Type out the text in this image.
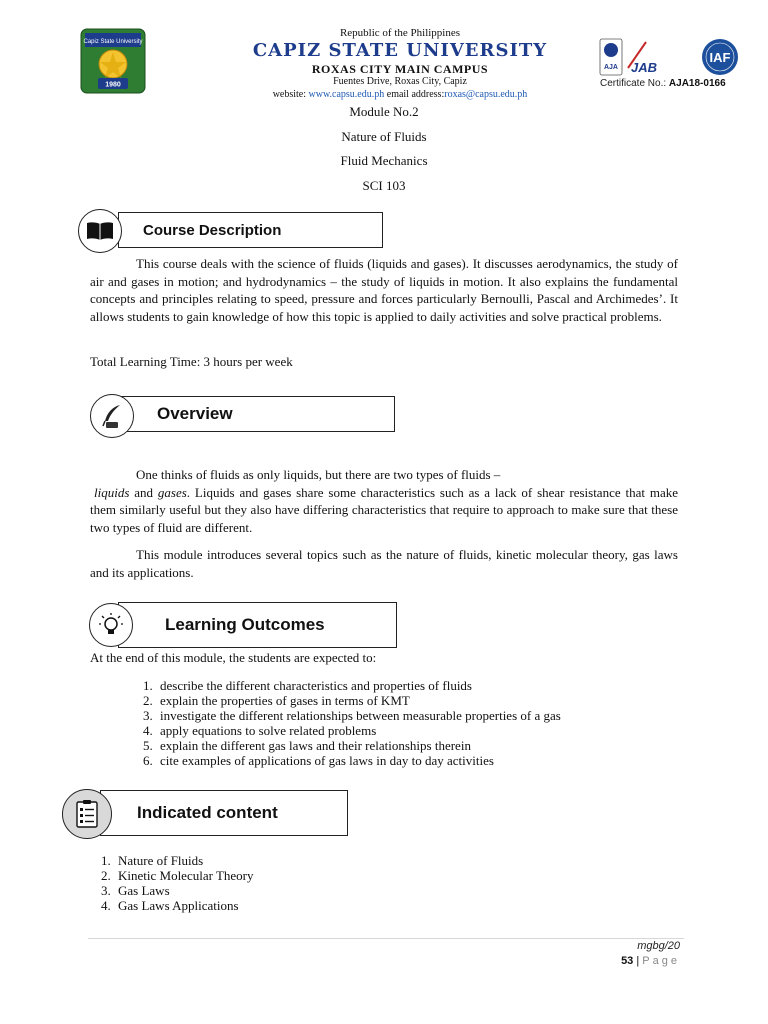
Capiz State University
1980
Republic of the Philippines
CAPIZ STATE UNIVERSITY
ROXAS CITY MAIN CAMPUS
Fuentes Drive, Roxas City, Capiz
website: www.capsu.edu.ph email address:roxas@capsu.edu.ph
AJA JAB
IAF
Certificate No.: AJA18-0166
Module No.2
Nature of Fluids
Fluid Mechanics
SCI 103
Course Description
This course deals with the science of fluids (liquids and gases). It discusses aerodynamics, the study of air and gases in motion; and hydrodynamics – the study of liquids in motion. It also explains the fundamental concepts and principles relating to speed, pressure and forces particularly Bernoulli, Pascal and Archimedes’. It allows students to gain knowledge of how this topic is applied to daily activities and solve practical problems.
Total Learning Time: 3 hours per week
Overview
One thinks of fluids as only liquids, but there are two types of fluids –
liquids and gases. Liquids and gases share some characteristics such as a lack of shear resistance that make them similarly useful but they also have differing characteristics that require to approach to make sure that these two types of fluid are different.
This module introduces several topics such as the nature of fluids, kinetic molecular theory, gas laws and its applications.
Learning Outcomes
At the end of this module, the students are expected to:
1. describe the different characteristics and properties of fluids
2. explain the properties of gases in terms of KMT
3. investigate the different relationships between measurable properties of a gas
4. apply equations to solve related problems
5. explain the different gas laws and their relationships therein
6. cite examples of applications of gas laws in day to day activities
Indicated content
1. Nature of Fluids
2. Kinetic Molecular Theory
3. Gas Laws
4. Gas Laws Applications
mgbg/20
53 | Page
